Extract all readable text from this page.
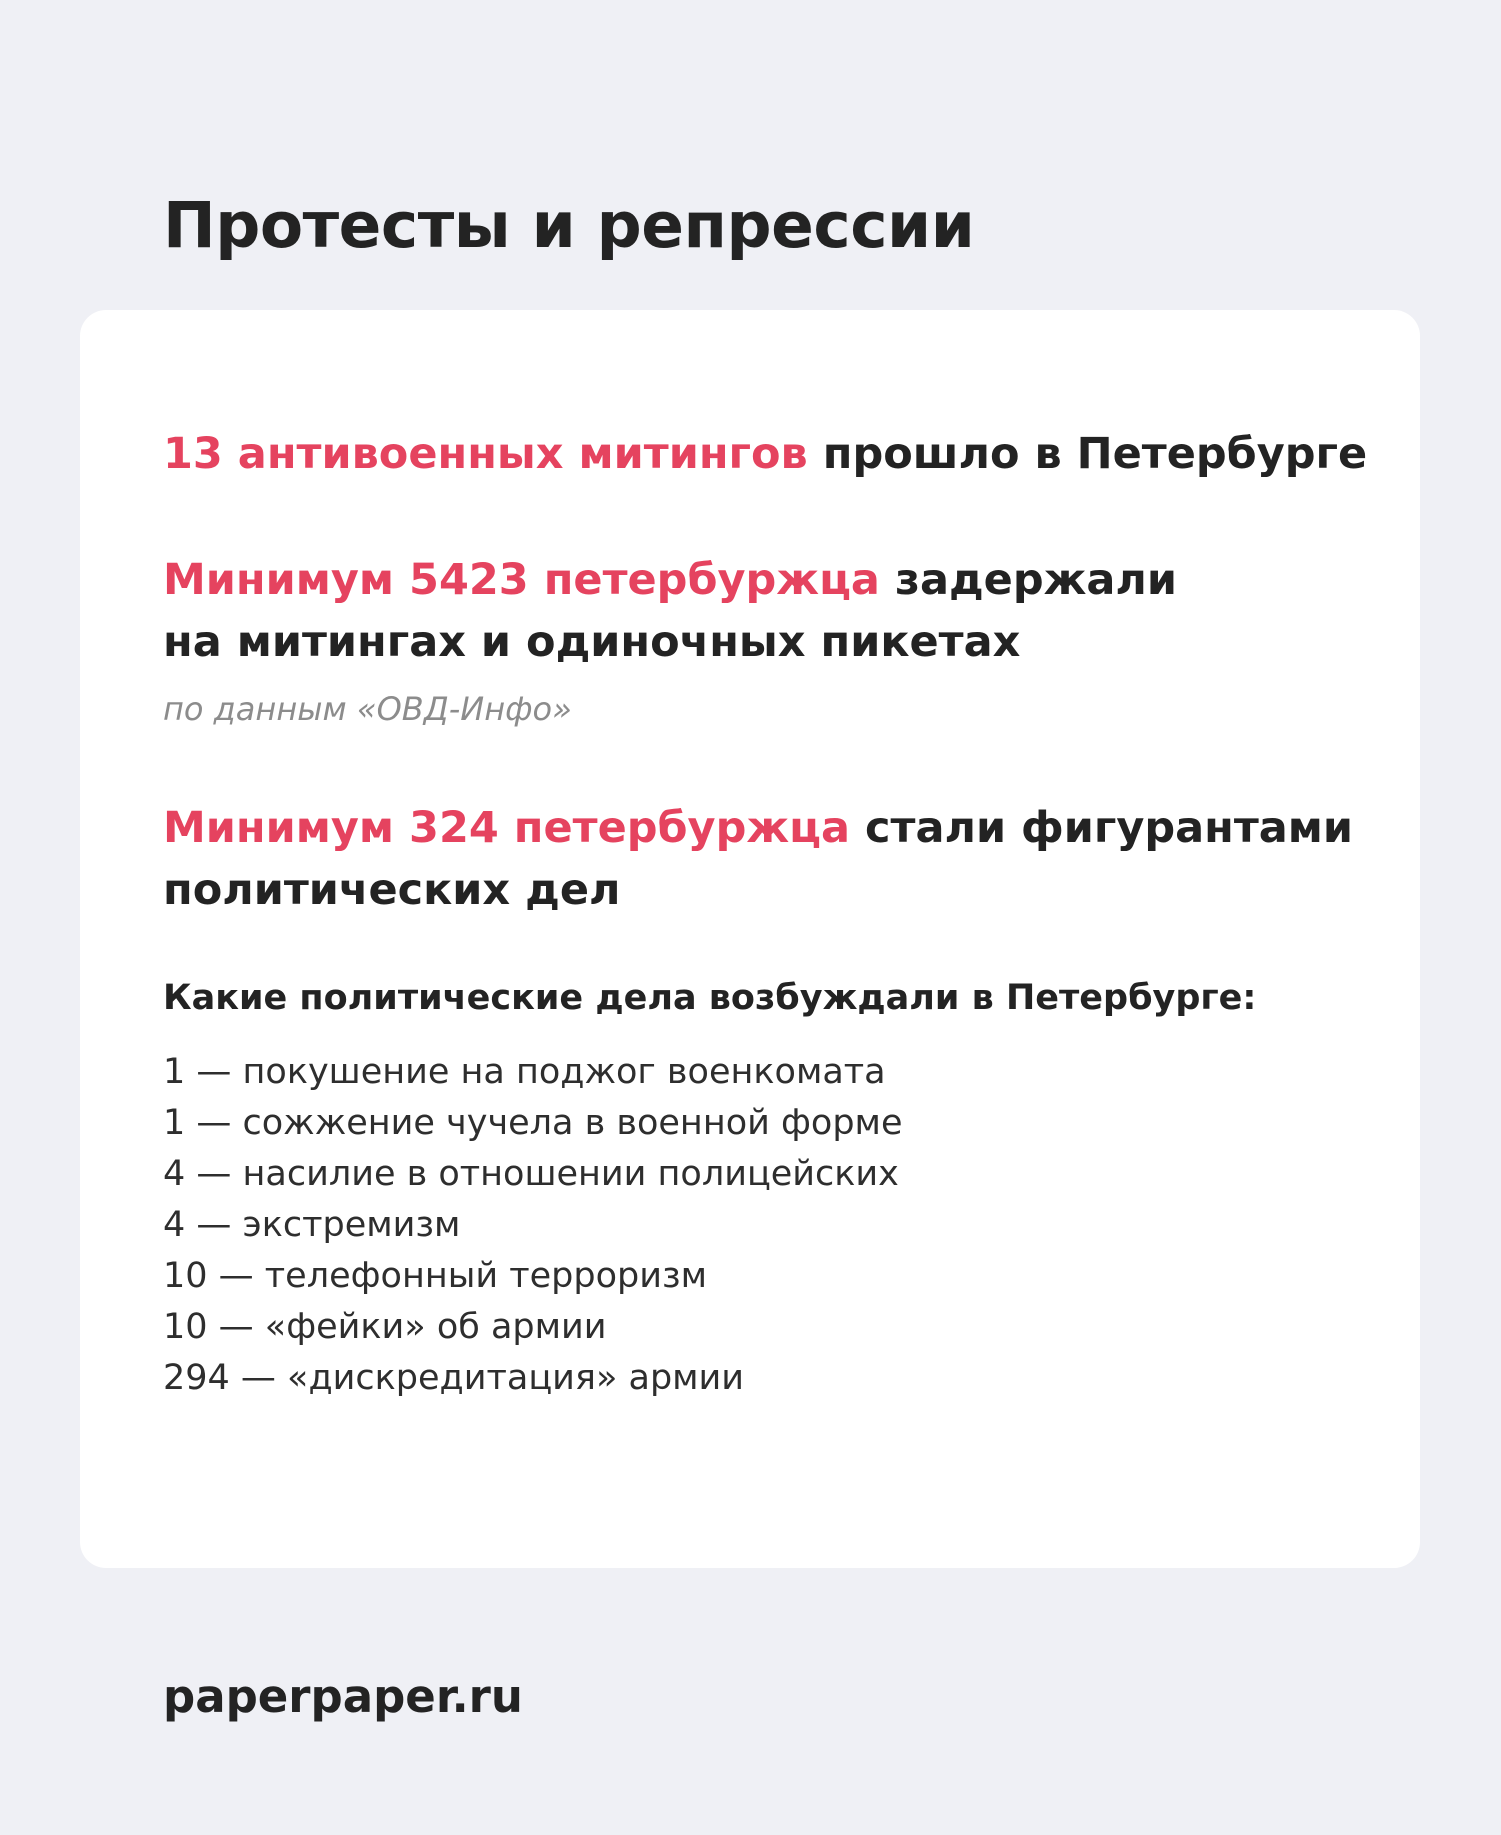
Протесты и репрессии

13 антивоенных митингов прошло в Петербурге

Минимум 5423 петербуржца задержали
на митингах и одиночных пикетах

по данным «ОВД-Инфо»

Минимум 324 петербуржца стали фигурантами
политических дел

Какие политические дела возбуждали в Петербурге:

1 — покушение на поджог военкомата
1 — сожжение чучела в военной форме
4 — насилие в отношении полицейских
4 — экстремизм
10 — телефонный терроризм
10 — «фейки» об армии
294 — «дискредитация» армии

paperpaper.ru
